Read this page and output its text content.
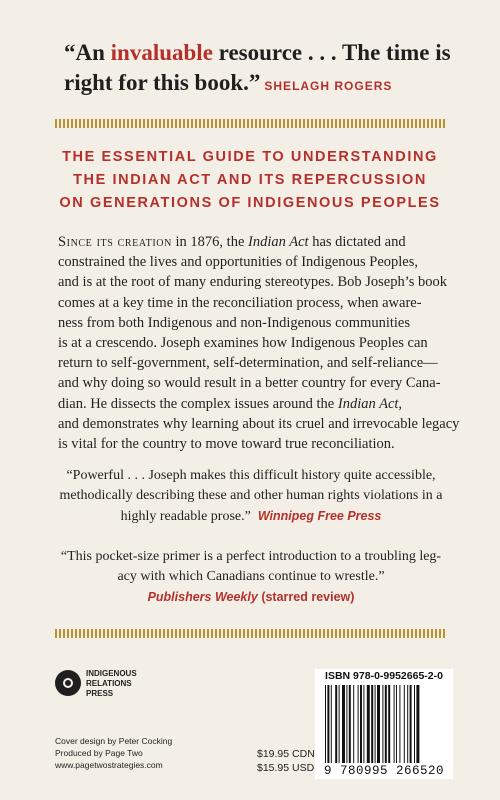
“An invaluable resource . . . The time is right for this book.” SHELAGH ROGERS
THE ESSENTIAL GUIDE TO UNDERSTANDING
THE INDIAN ACT AND ITS REPERCUSSION
ON GENERATIONS OF INDIGENOUS PEOPLES
Since its creation in 1876, the Indian Act has dictated and
constrained the lives and opportunities of Indigenous Peoples,
and is at the root of many enduring stereotypes. Bob Joseph’s book
comes at a key time in the reconciliation process, when aware-
ness from both Indigenous and non-Indigenous communities
is at a crescendo. Joseph examines how Indigenous Peoples can
return to self-government, self-determination, and self-reliance—
and why doing so would result in a better country for every Cana-
dian. He dissects the complex issues around the Indian Act,
and demonstrates why learning about its cruel and irrevocable legacy
is vital for the country to move toward true reconciliation.
“Powerful . . . Joseph makes this difficult history quite accessible,
methodically describing these and other human rights violations in a
highly readable prose.” Winnipeg Free Press
“This pocket-size primer is a perfect introduction to a troubling leg-
acy with which Canadians continue to wrestle.”
Publishers Weekly (starred review)
INDIGENOUS
RELATIONS
PRESS
Cover design by Peter Cocking
Produced by Page Two
www.pagetwostrategies.com
$19.95 CDN
$15.95 USD
ISBN 978-0-9952665-2-0
9 780995 266520
